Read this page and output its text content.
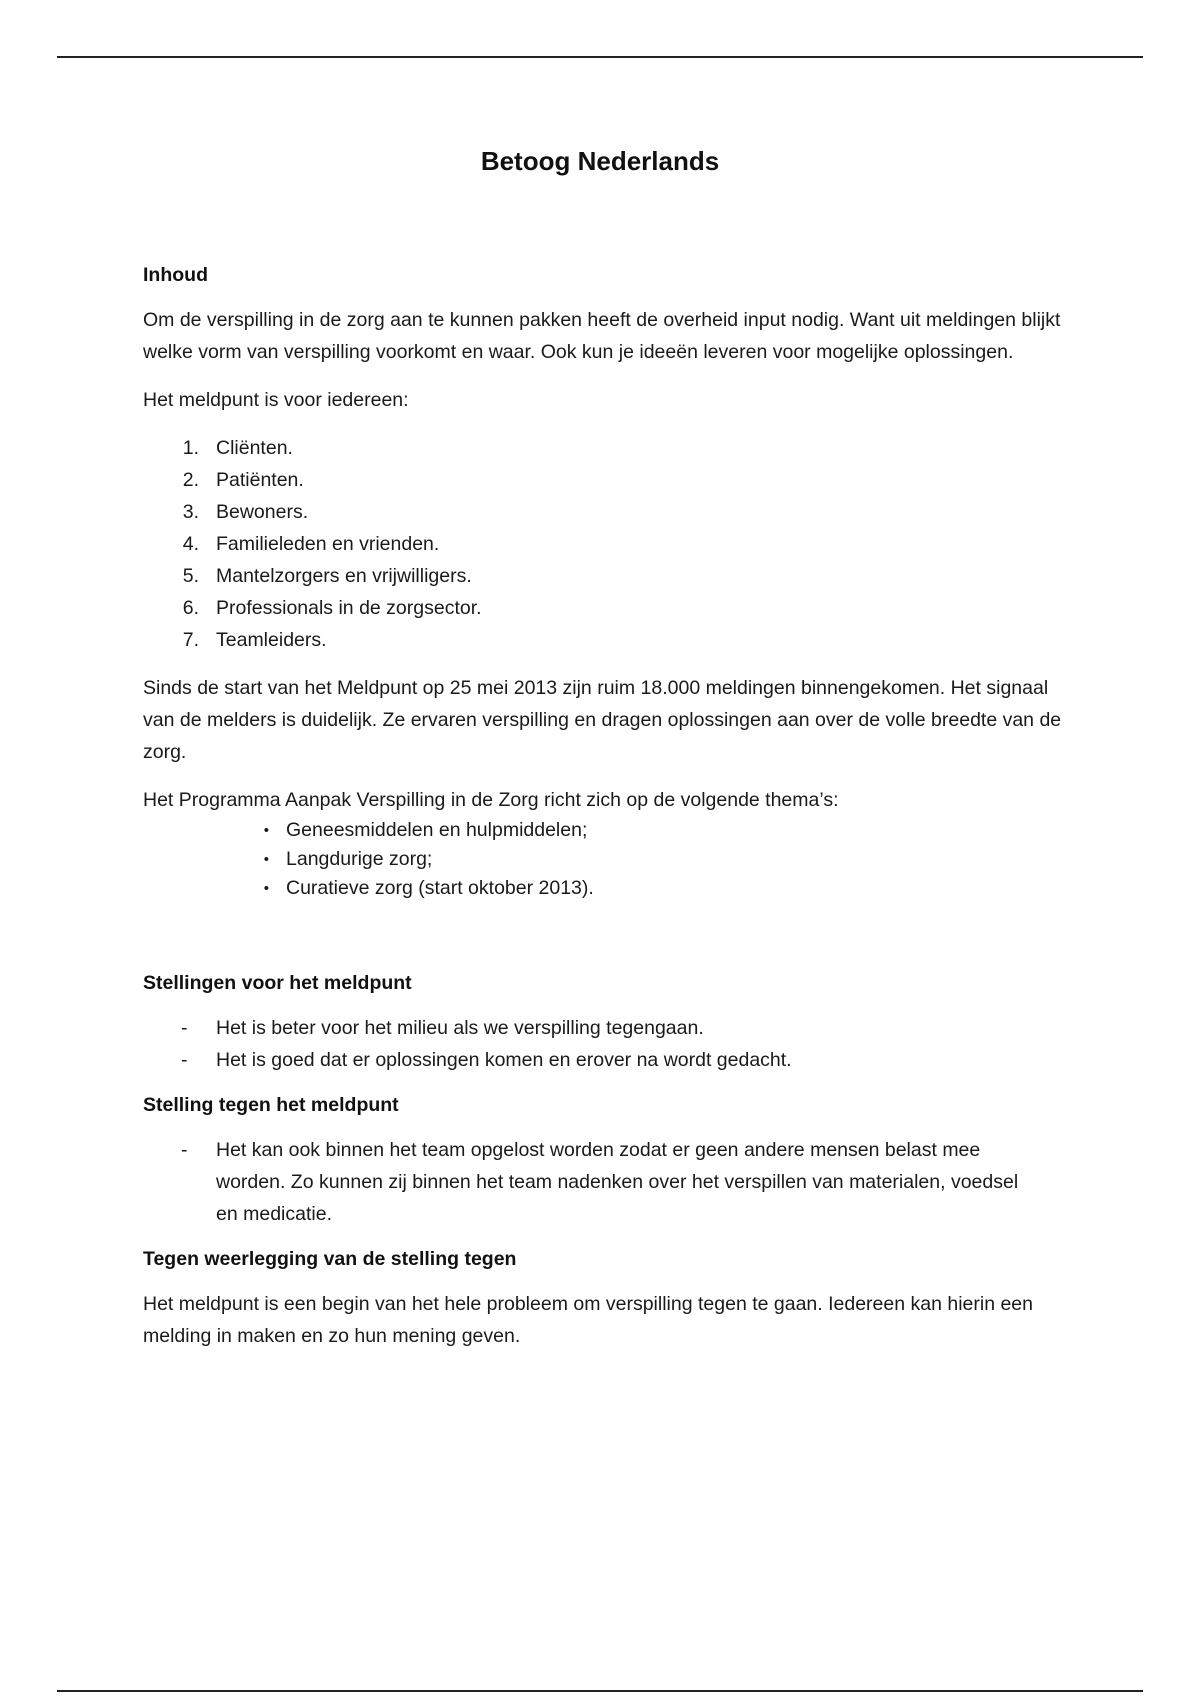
Betoog Nederlands
Inhoud

Om de verspilling in de zorg aan te kunnen pakken heeft de overheid input nodig. Want uit meldingen blijkt welke vorm van verspilling voorkomt en waar. Ook kun je ideeën leveren voor mogelijke oplossingen.

Het meldpunt is voor iedereen:

1. Cliënten.
2. Patiënten.
3. Bewoners.
4. Familieleden en vrienden.
5. Mantelzorgers en vrijwilligers.
6. Professionals in de zorgsector.
7. Teamleiders.

Sinds de start van het Meldpunt op 25 mei 2013 zijn ruim 18.000 meldingen binnengekomen. Het signaal van de melders is duidelijk. Ze ervaren verspilling en dragen oplossingen aan over de volle breedte van de zorg.

Het Programma Aanpak Verspilling in de Zorg richt zich op de volgende thema’s:

• Geneesmiddelen en hulpmiddelen;
• Langdurige zorg;
• Curatieve zorg (start oktober 2013).
Stellingen voor het meldpunt
-	Het is beter voor het milieu als we verspilling tegengaan.
-	Het is goed dat er oplossingen komen en erover na wordt gedacht.
Stelling tegen het meldpunt
-	Het kan ook binnen het team opgelost worden zodat er geen andere mensen belast mee worden. Zo kunnen zij binnen het team nadenken over het verspillen van materialen, voedsel en medicatie.
Tegen weerlegging van de stelling tegen

Het meldpunt is een begin van het hele probleem om verspilling tegen te gaan. Iedereen kan hierin een melding in maken en zo hun mening geven.
